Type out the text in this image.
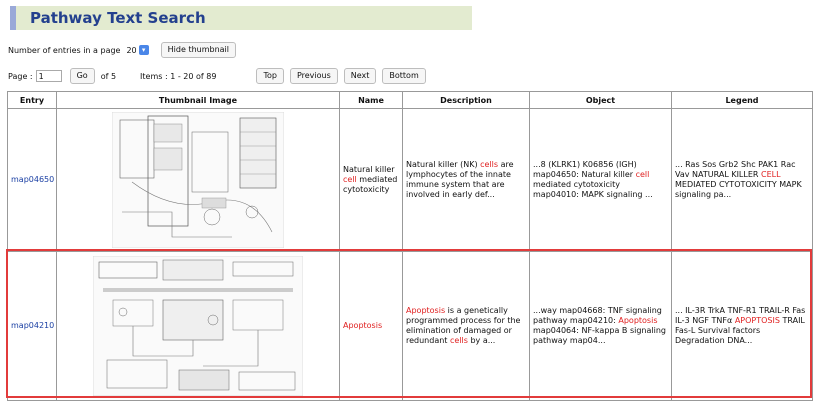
Pathway Text Search
Number of entries in a page 20 ▾	Hide thumbnail
Page : 1	Go	of 5	Items : 1 - 20 of 89	Top	Previous	Next	Bottom
Entry	Thumbnail Image	Name	Description	Object	Legend
map04650		Natural killer cell mediated cytotoxicity	Natural killer (NK) cells are lymphocytes of the innate immune system that are involved in early def...	...8 (KLRK1) K06856 (IGH) map04650: Natural killer cell mediated cytotoxicity map04010: MAPK signaling ...	... Ras Sos Grb2 Shc PAK1 Rac Vav NATURAL KILLER CELL MEDIATED CYTOTOXICITY MAPK signaling pa...
map04210		Apoptosis	Apoptosis is a genetically programmed process for the elimination of damaged or redundant cells by a...	...way map04668: TNF signaling pathway map04210: Apoptosis map04064: NF-kappa B signaling pathway map04...	... IL-3R TrkA TNF-R1 TRAIL-R Fas IL-3 NGF TNFα APOPTOSIS TRAIL Fas-L Survival factors Degradation DNA...
